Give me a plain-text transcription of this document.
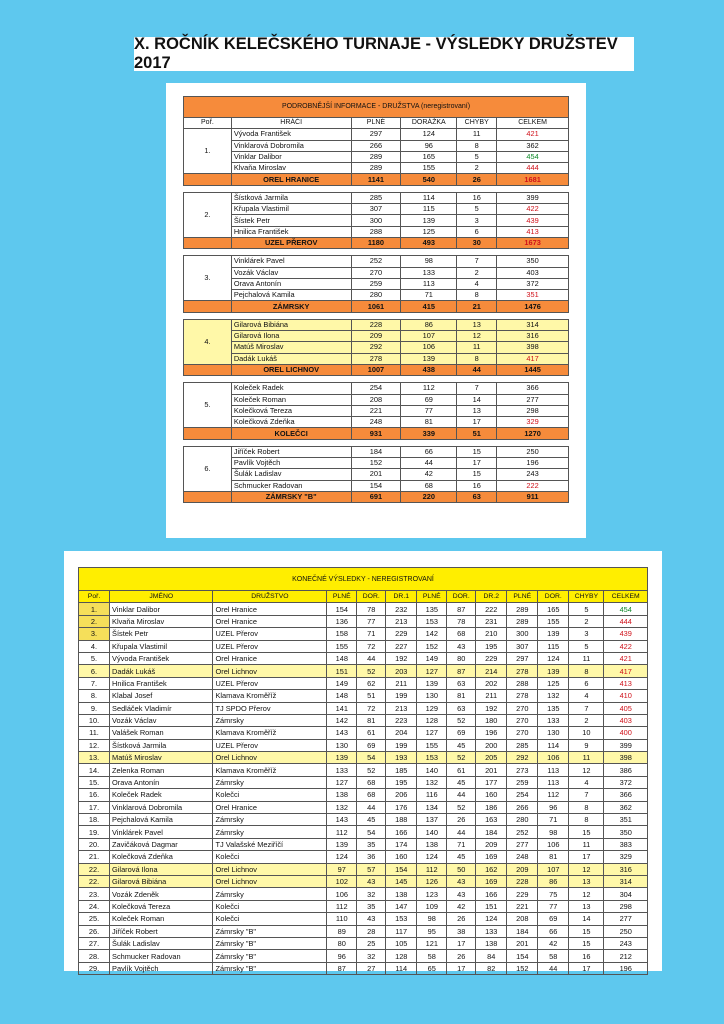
X. ROČNÍK KELEČSKÉHO TURNAJE - VÝSLEDKY DRUŽSTEV 2017
PODROBNĚJŠÍ INFORMACE - DRUŽSTVA (neregistrovaní)					
Poř.	HRÁČI	PLNÉ	DORÁŽKA	CHYBY	CELKEM
1.	Vývoda František	297	124	11	421
	Vinklarová Dobromila	266	96	8	362
	Vinklar Dalibor	289	165	5	454
	Klvaňa Miroslav	289	155	2	444
	OREL HRANICE	1141	540	26	1681

2.	Šístková Jarmila	285	114	16	399
	Křupala Vlastimil	307	115	5	422
	Šístek Petr	300	139	3	439
	Hnilica František	288	125	6	413
	UZEL PŘEROV	1180	493	30	1673

3.	Vinklárek Pavel	252	98	7	350
	Vozák Václav	270	133	2	403
	Orava Antonín	259	113	4	372
	Pejchalová Kamila	280	71	8	351
	ZÁMRSKY	1061	415	21	1476

4.	Gilarová Bibiána	228	86	13	314
	Gilarová Ilona	209	107	12	316
	Matúš Miroslav	292	106	11	398
	Dadák Lukáš	278	139	8	417
	OREL LICHNOV	1007	438	44	1445

5.	Koleček Radek	254	112	7	366
	Koleček Roman	208	69	14	277
	Kolečková Tereza	221	77	13	298
	Kolečková Zdeňka	248	81	17	329
	KOLEČCI	931	339	51	1270

6.	Jiříček Robert	184	66	15	250
	Pavlík Vojtěch	152	44	17	196
	Šulák Ladislav	201	42	15	243
	Schmucker Radovan	154	68	16	222
	ZÁMRSKY "B"	691	220	63	911
KONEČNÉ VÝSLEDKY - NEREGISTROVANÍ												
Poř.	JMÉNO	DRUŽSTVO	PLNÉ	DOR.	DR.1	PLNÉ	DOR.	DR.2	PLNÉ	DOR.	CHYBY	CELKEM
1.	Vinklar Dalibor	Orel Hranice	154	78	232	135	87	222	289	165	5	454
2.	Klvaňa Miroslav	Orel Hranice	136	77	213	153	78	231	289	155	2	444
3.	Šístek Petr	UZEL Přerov	158	71	229	142	68	210	300	139	3	439
4.	Křupala Vlastimil	UZEL Přerov	155	72	227	152	43	195	307	115	5	422
5.	Vývoda František	Orel Hranice	148	44	192	149	80	229	297	124	11	421
6.	Dadák Lukáš	Orel Lichnov	151	52	203	127	87	214	278	139	8	417
7.	Hnilica František	UZEL Přerov	149	62	211	139	63	202	288	125	6	413
8.	Klabal Josef	Klamava Kroměříž	148	51	199	130	81	211	278	132	4	410
9.	Sedláček Vladimír	TJ SPDO Přerov	141	72	213	129	63	192	270	135	7	405
10.	Vozák Václav	Zámrsky	142	81	223	128	52	180	270	133	2	403
11.	Valášek Roman	Klamava Kroměříž	143	61	204	127	69	196	270	130	10	400
12.	Šístková Jarmila	UZEL Přerov	130	69	199	155	45	200	285	114	9	399
13.	Matúš Miroslav	Orel Lichnov	139	54	193	153	52	205	292	106	11	398
14.	Zelenka Roman	Klamava Kroměříž	133	52	185	140	61	201	273	113	12	386
15.	Orava Antonín	Zámrsky	127	68	195	132	45	177	259	113	4	372
16.	Koleček Radek	Kolečci	138	68	206	116	44	160	254	112	7	366
17.	Vinklarová Dobromila	Orel Hranice	132	44	176	134	52	186	266	96	8	362
18.	Pejchalová Kamila	Zámrsky	143	45	188	137	26	163	280	71	8	351
19.	Vinklárek Pavel	Zámrsky	112	54	166	140	44	184	252	98	15	350
20.	Zavičáková Dagmar	TJ Valašské Meziříčí	139	35	174	138	71	209	277	106	11	383
21.	Kolečková Zdeňka	Kolečci	124	36	160	124	45	169	248	81	17	329
22.	Gilarová Ilona	Orel Lichnov	97	57	154	112	50	162	209	107	12	316
22.	Gilarová Bibiána	Orel Lichnov	102	43	145	126	43	169	228	86	13	314
23.	Vozák Zdeněk	Zámrsky	106	32	138	123	43	166	229	75	12	304
24.	Kolečková Tereza	Kolečci	112	35	147	109	42	151	221	77	13	298
25.	Koleček Roman	Kolečci	110	43	153	98	26	124	208	69	14	277
26.	Jiříček Robert	Zámrsky "B"	89	28	117	95	38	133	184	66	15	250
27.	Šulák Ladislav	Zámrsky "B"	80	25	105	121	17	138	201	42	15	243
28.	Schmucker Radovan	Zámrsky "B"	96	32	128	58	26	84	154	58	16	212
29.	Pavlík Vojtěch	Zámrsky "B"	87	27	114	65	17	82	152	44	17	196
